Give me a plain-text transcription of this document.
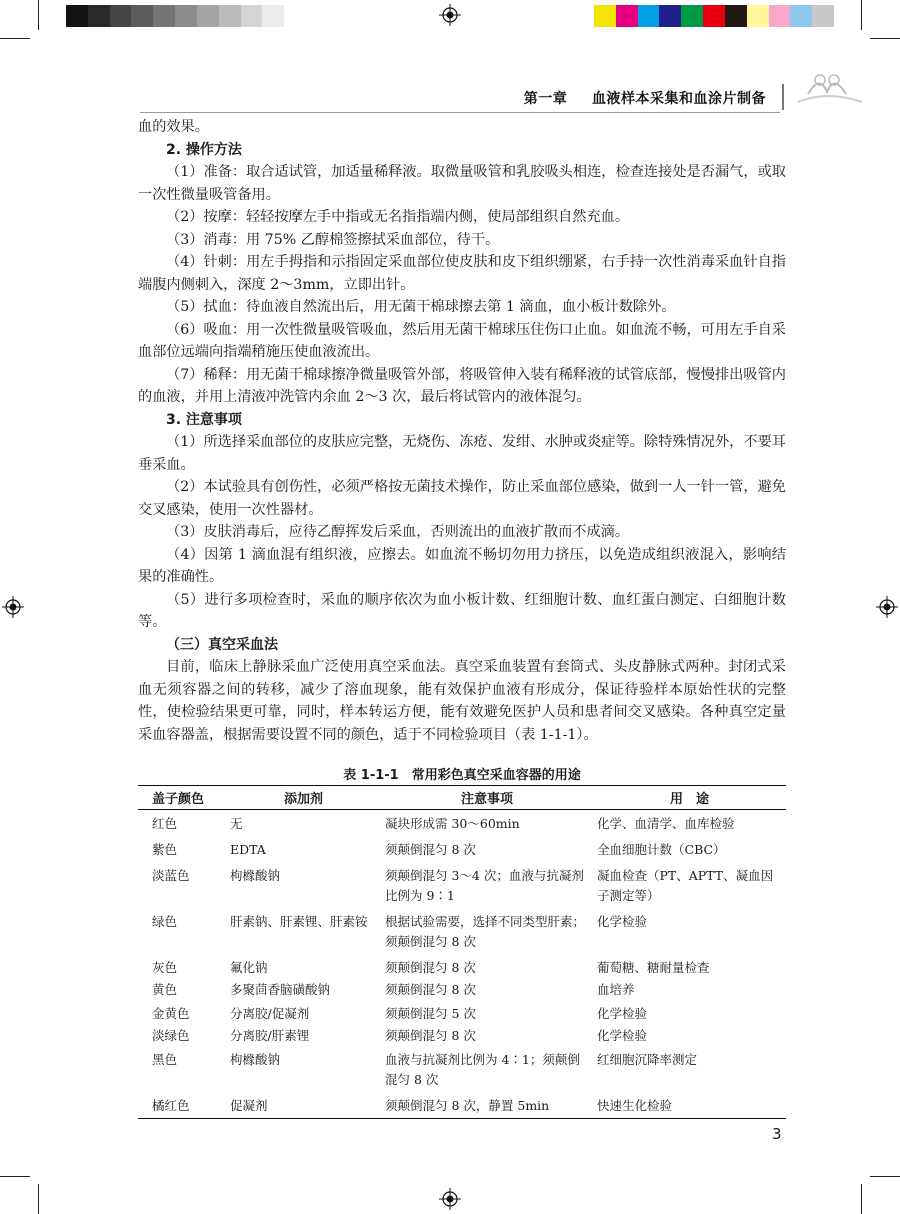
第一章 血液样本采集和血涂片制备

血的效果。

2. 操作方法

（1）准备：取合适试管，加适量稀释液。取微量吸管和乳胶吸头相连，检查连接处是否漏气，或取一次性微量吸管备用。

（2）按摩：轻轻按摩左手中指或无名指指端内侧，使局部组织自然充血。

（3）消毒：用 75% 乙醇棉签擦拭采血部位，待干。

（4）针刺：用左手拇指和示指固定采血部位使皮肤和皮下组织绷紧，右手持一次性消毒采血针自指端腹内侧刺入，深度 2～3mm，立即出针。

（5）拭血：待血液自然流出后，用无菌干棉球擦去第 1 滴血，血小板计数除外。

（6）吸血：用一次性微量吸管吸血，然后用无菌干棉球压住伤口止血。如血流不畅，可用左手自采血部位远端向指端稍施压使血液流出。

（7）稀释：用无菌干棉球擦净微量吸管外部，将吸管伸入装有稀释液的试管底部，慢慢排出吸管内的血液，并用上清液冲洗管内余血 2～3 次，最后将试管内的液体混匀。

3. 注意事项

（1）所选择采血部位的皮肤应完整，无烧伤、冻疮、发绀、水肿或炎症等。除特殊情况外，不要耳垂采血。

（2）本试验具有创伤性，必须严格按无菌技术操作，防止采血部位感染，做到一人一针一管，避免交叉感染，使用一次性器材。

（3）皮肤消毒后，应待乙醇挥发后采血，否则流出的血液扩散而不成滴。

（4）因第 1 滴血混有组织液，应擦去。如血流不畅切勿用力挤压，以免造成组织液混入，影响结果的准确性。

（5）进行多项检查时，采血的顺序依次为血小板计数、红细胞计数、血红蛋白测定、白细胞计数等。

（三）真空采血法

目前，临床上静脉采血广泛使用真空采血法。真空采血装置有套筒式、头皮静脉式两种。封闭式采血无须容器之间的转移，减少了溶血现象，能有效保护血液有形成分，保证待验样本原始性状的完整性，使检验结果更可靠，同时，样本转运方便，能有效避免医护人员和患者间交叉感染。各种真空定量采血容器盖，根据需要设置不同的颜色，适于不同检验项目（表 1-1-1）。

表 1-1-1　常用彩色真空采血容器的用途
盖子颜色	添加剂	注意事项	用　途
红色	无	凝块形成需 30～60min	化学、血清学、血库检验
紫色	EDTA	须颠倒混匀 8 次	全血细胞计数（CBC）
淡蓝色	枸橼酸钠	须颠倒混匀 3～4 次；血液与抗凝剂比例为 9∶1	凝血检查（PT、APTT、凝血因子测定等）
绿色	肝素钠、肝素锂、肝素铵	根据试验需要，选择不同类型肝素；须颠倒混匀 8 次	化学检验
灰色	氟化钠	须颠倒混匀 8 次	葡萄糖、糖耐量检查
黄色	多聚茴香脑磺酸钠	须颠倒混匀 8 次	血培养
金黄色	分离胶/促凝剂	须颠倒混匀 5 次	化学检验
淡绿色	分离胶/肝素锂	须颠倒混匀 8 次	化学检验
黑色	枸橼酸钠	血液与抗凝剂比例为 4∶1；须颠倒混匀 8 次	红细胞沉降率测定
橘红色	促凝剂	须颠倒混匀 8 次，静置 5min	快速生化检验
3
